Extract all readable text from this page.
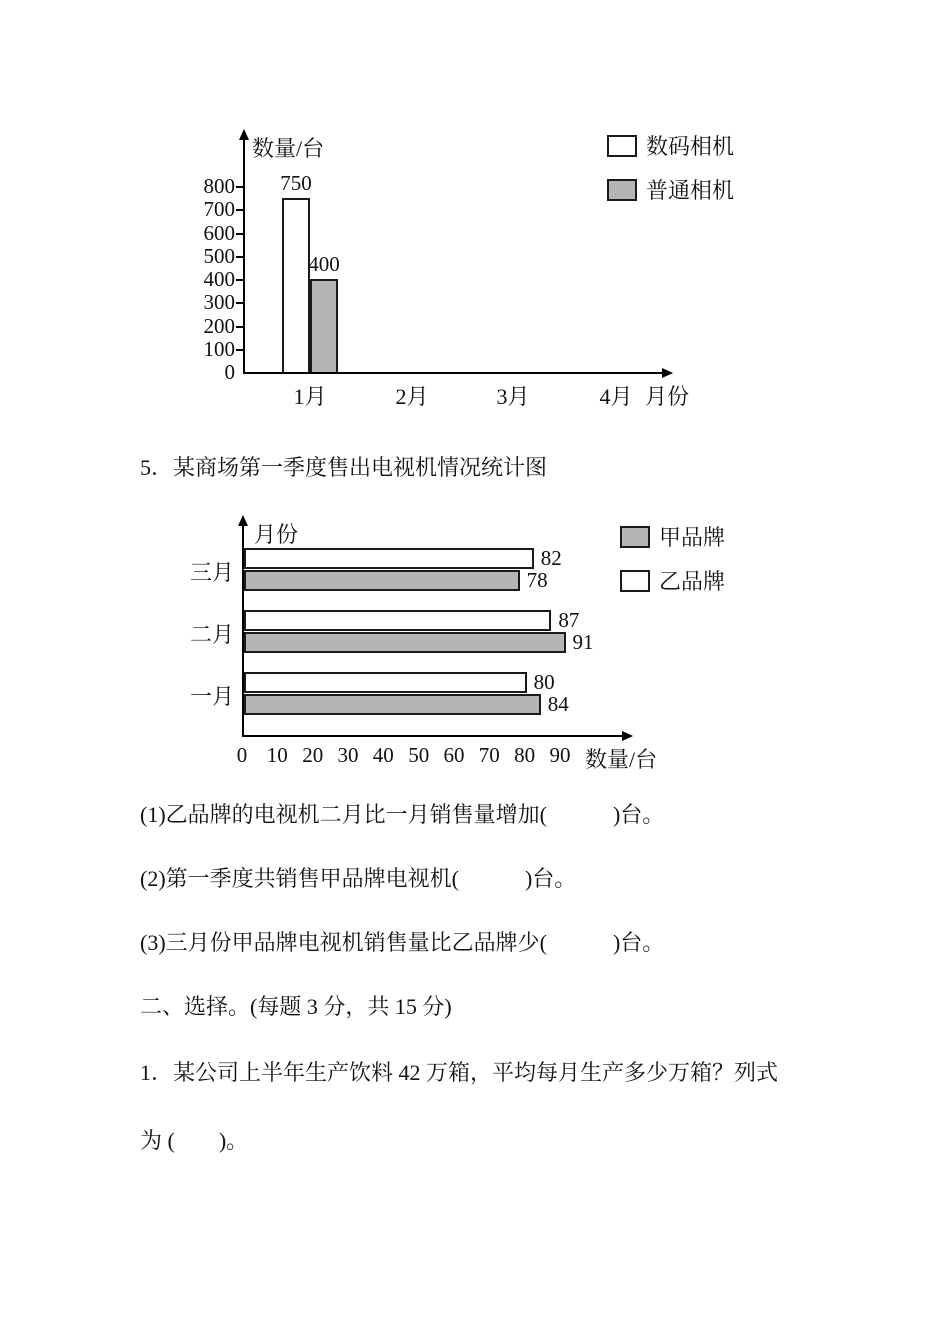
数量/台
月份
0
100
200
300
400
500
600
700
800
1月	2月	3月	4月
750
400
数码相机
普通相机
5．某商场第一季度售出电视机情况统计图
月份
数量/台
0 10 20 30 40 50 60 70 80 90
三月
82
78
二月
87
91
一月
80
84
甲品牌
乙品牌
(1)乙品牌的电视机二月比一月销售量增加(　　　)台。
(2)第一季度共销售甲品牌电视机(　　　)台。
(3)三月份甲品牌电视机销售量比乙品牌少(　　　)台。
二、选择。(每题 3 分，共 15 分)
1．某公司上半年生产饮料 42 万箱，平均每月生产多少万箱？列式
为 (　　)。
